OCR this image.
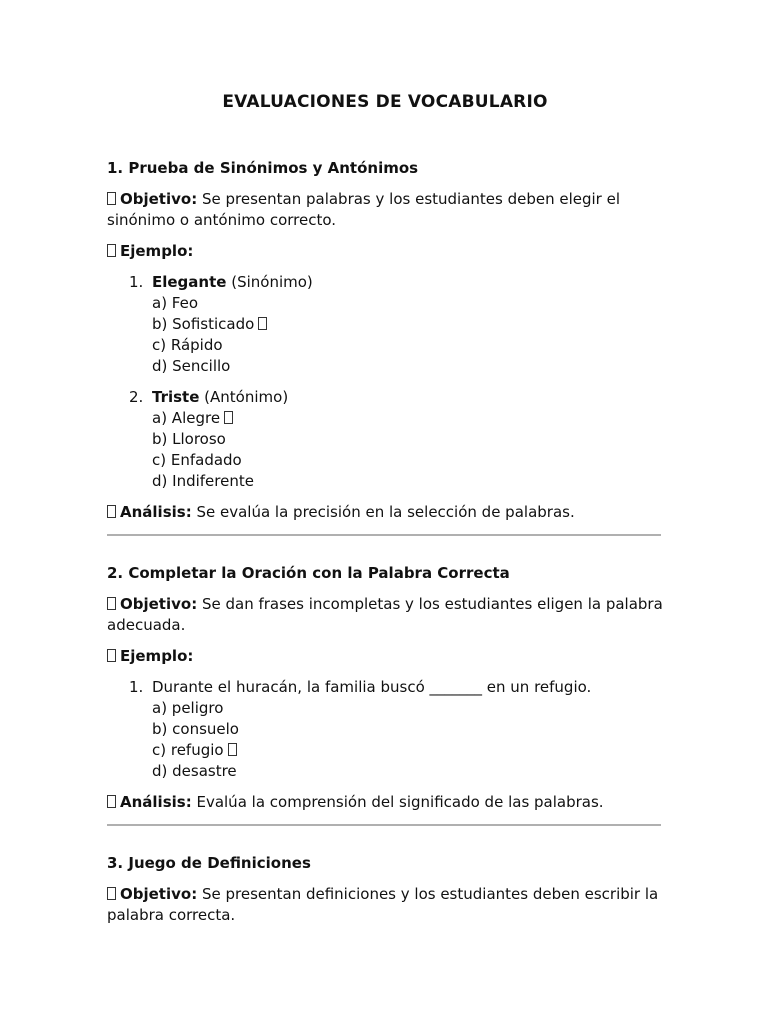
EVALUACIONES DE VOCABULARIO
1. Prueba de Sinónimos y Antónimos

Objetivo: Se presentan palabras y los estudiantes deben elegir el sinónimo o antónimo correcto.

Ejemplo:

1. Elegante (Sinónimo)
a) Feo
b) Sofisticado
c) Rápido
d) Sencillo
2. Triste (Antónimo)
a) Alegre
b) Lloroso
c) Enfadado
d) Indiferente

Análisis: Se evalúa la precisión en la selección de palabras.

2. Completar la Oración con la Palabra Correcta

Objetivo: Se dan frases incompletas y los estudiantes eligen la palabra adecuada.

Ejemplo:

1. Durante el huracán, la familia buscó _______ en un refugio.
a) peligro
b) consuelo
c) refugio
d) desastre

Análisis: Evalúa la comprensión del significado de las palabras.

3. Juego de Definiciones

Objetivo: Se presentan definiciones y los estudiantes deben escribir la palabra correcta.
